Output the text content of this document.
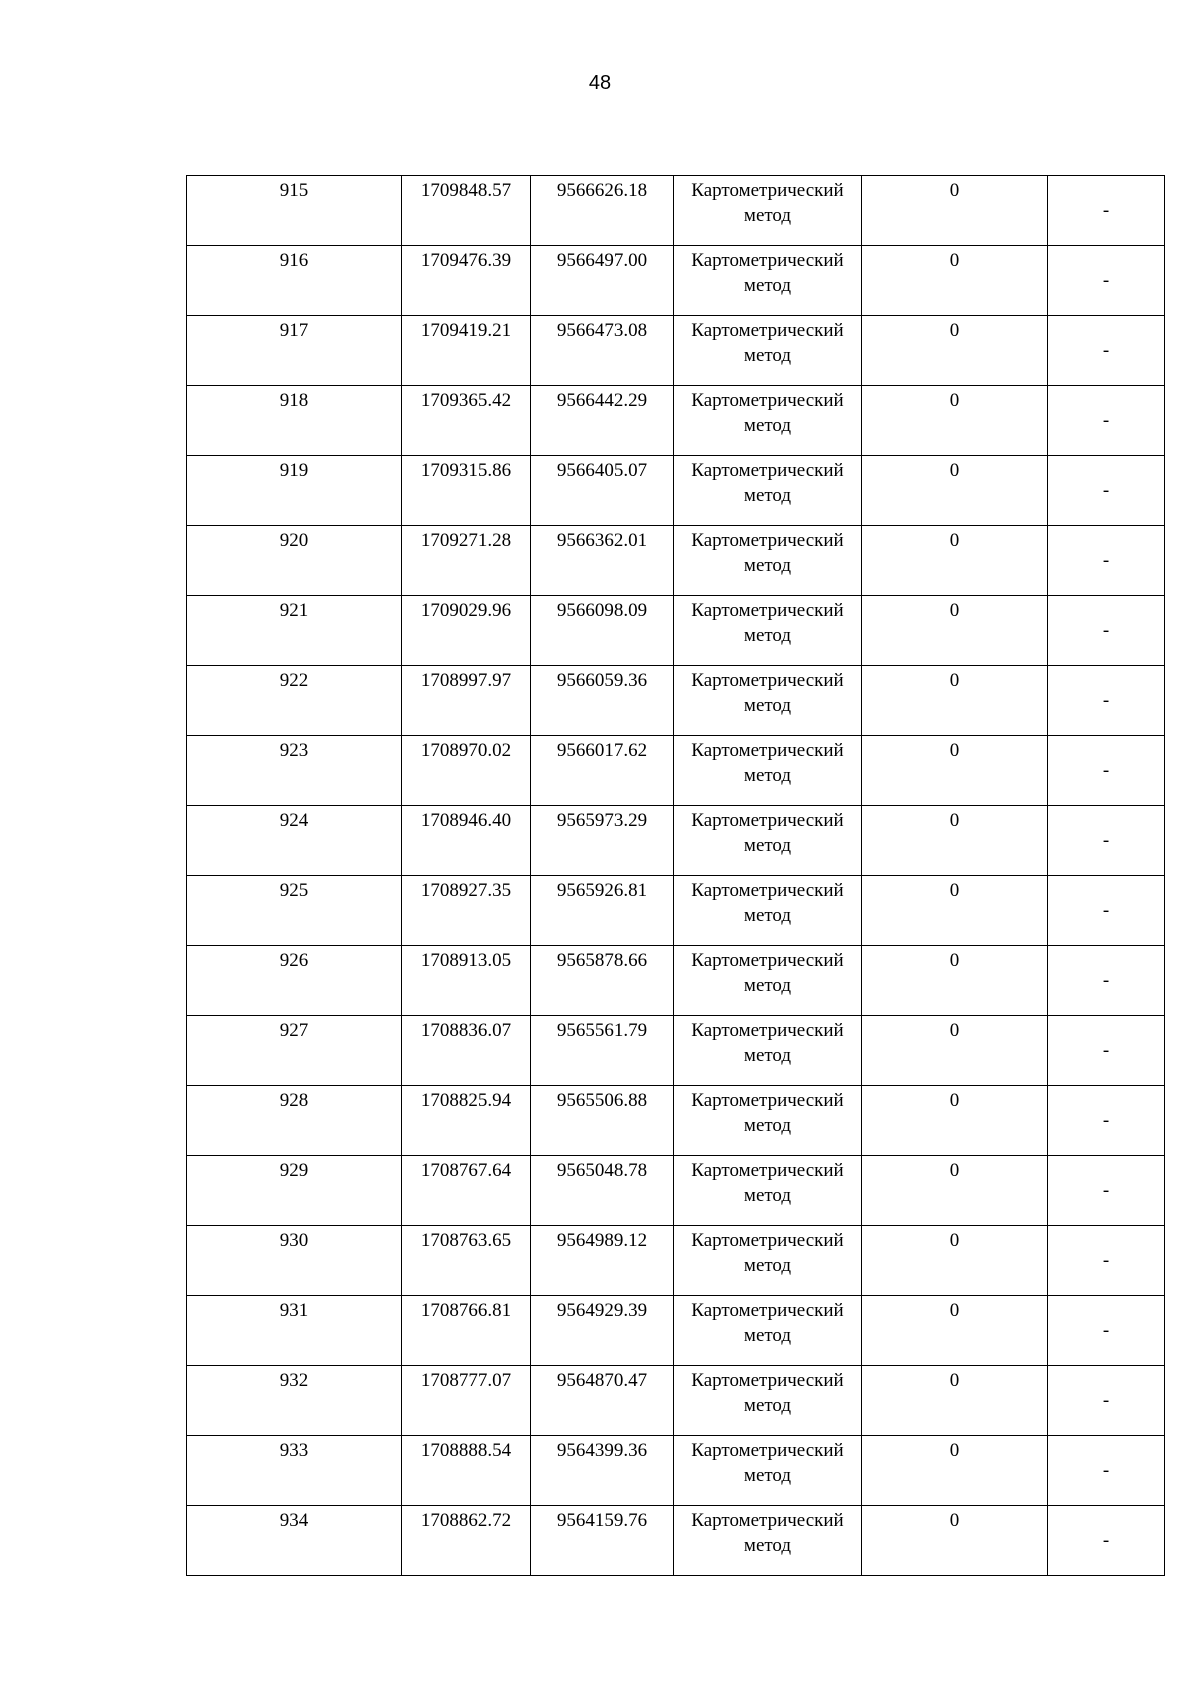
48
915	1709848.57	9566626.18	Картометрический метод	0	-

916	1709476.39	9566497.00	Картометрический метод	0	-

917	1709419.21	9566473.08	Картометрический метод	0	-

918	1709365.42	9566442.29	Картометрический метод	0	-

919	1709315.86	9566405.07	Картометрический метод	0	-

920	1709271.28	9566362.01	Картометрический метод	0	-

921	1709029.96	9566098.09	Картометрический метод	0	-

922	1708997.97	9566059.36	Картометрический метод	0	-

923	1708970.02	9566017.62	Картометрический метод	0	-

924	1708946.40	9565973.29	Картометрический метод	0	-

925	1708927.35	9565926.81	Картометрический метод	0	-

926	1708913.05	9565878.66	Картометрический метод	0	-

927	1708836.07	9565561.79	Картометрический метод	0	-

928	1708825.94	9565506.88	Картометрический метод	0	-

929	1708767.64	9565048.78	Картометрический метод	0	-

930	1708763.65	9564989.12	Картометрический метод	0	-

931	1708766.81	9564929.39	Картометрический метод	0	-

932	1708777.07	9564870.47	Картометрический метод	0	-

933	1708888.54	9564399.36	Картометрический метод	0	-

934	1708862.72	9564159.76	Картометрический метод	0	-
